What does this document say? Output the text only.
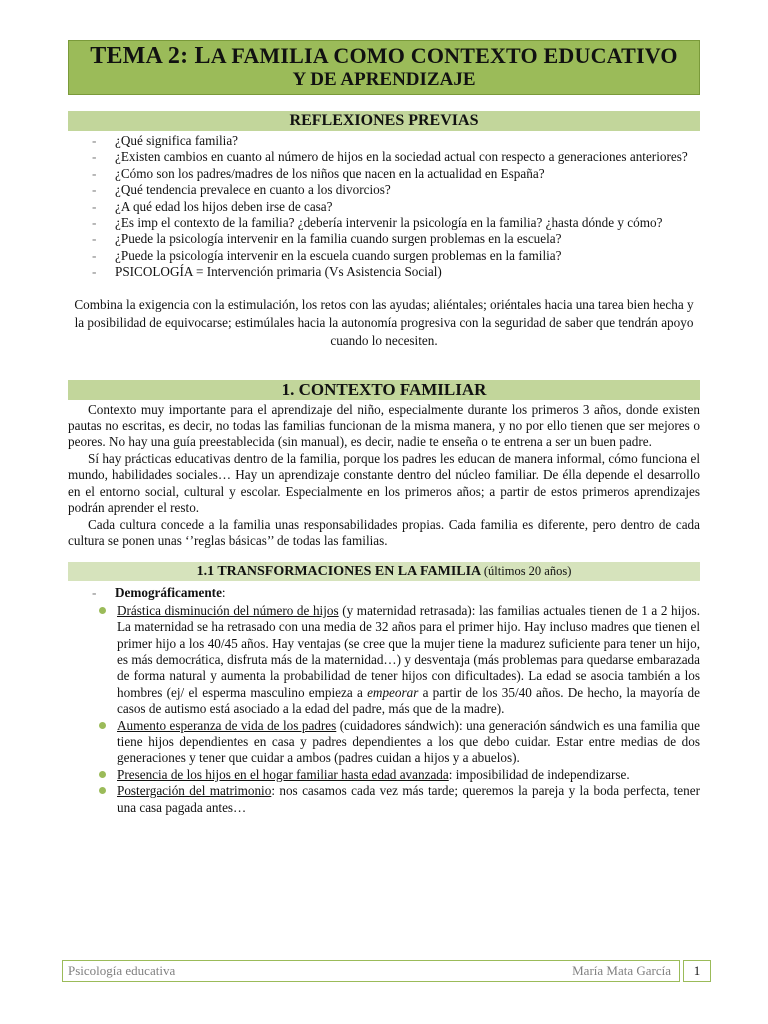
TEMA 2: LA FAMILIA COMO CONTEXTO EDUCATIVO
Y DE APRENDIZAJE
REFLEXIONES PREVIAS
- ¿Qué significa familia?
- ¿Existen cambios en cuanto al número de hijos en la sociedad actual con respecto a generaciones anteriores?
- ¿Cómo son los padres/madres de los niños que nacen en la actualidad en España?
- ¿Qué tendencia prevalece en cuanto a los divorcios?
- ¿A qué edad los hijos deben irse de casa?
- ¿Es imp el contexto de la familia? ¿debería intervenir la psicología en la familia? ¿hasta dónde y cómo?
- ¿Puede la psicología intervenir en la familia cuando surgen problemas en la escuela?
- ¿Puede la psicología intervenir en la escuela cuando surgen problemas en la familia?
- PSICOLOGÍA = Intervención primaria (Vs Asistencia Social)
Combina la exigencia con la estimulación, los retos con las ayudas; aliéntales; oriéntales hacia una tarea bien hecha y la posibilidad de equivocarse; estimúlales hacia la autonomía progresiva con la seguridad de saber que tendrán apoyo cuando lo necesiten.
1. CONTEXTO FAMILIAR

Contexto muy importante para el aprendizaje del niño, especialmente durante los primeros 3 años, donde existen pautas no escritas, es decir, no todas las familias funcionan de la misma manera, y no por ello tienen que ser mejores o peores. No hay una guía preestablecida (sin manual), es decir, nadie te enseña o te entrena a ser un buen padre.

Sí hay prácticas educativas dentro de la familia, porque los padres les educan de manera informal, cómo funciona el mundo, habilidades sociales… Hay un aprendizaje constante dentro del núcleo familiar. De élla depende el desarrollo en el entorno social, cultural y escolar. Especialmente en los primeros años; a partir de estos primeros aprendizajes podrán aprender el resto.

Cada cultura concede a la familia unas responsabilidades propias. Cada familia es diferente, pero dentro de cada cultura se ponen unas ‘’reglas básicas’’ de todas las familias.

1.1 TRANSFORMACIONES EN LA FAMILIA (últimos 20 años)
- Demográficamente:
Drástica disminución del número de hijos (y maternidad retrasada): las familias actuales tienen de 1 a 2 hijos. La maternidad se ha retrasado con una media de 32 años para el primer hijo. Hay incluso madres que tienen el primer hijo a los 40/45 años. Hay ventajas (se cree que la mujer tiene la madurez suficiente para tener un hijo, es más democrática, disfruta más de la maternidad…) y desventaja (más problemas para quedarse embarazada de forma natural y aumenta la probabilidad de tener hijos con dificultades). La edad se asocia también a los hombres (ej/ el esperma masculino empieza a empeorar a partir de los 35/40 años. De hecho, la mayoría de casos de autismo está asociado a la edad del padre, más que de la madre).
Aumento esperanza de vida de los padres (cuidadores sándwich): una generación sándwich es una familia que tiene hijos dependientes en casa y padres dependientes a los que debo cuidar. Estar entre medias de dos generaciones y tener que cuidar a ambos (padres cuidan a hijos y a abuelos).
Presencia de los hijos en el hogar familiar hasta edad avanzada: imposibilidad de independizarse.
Postergación del matrimonio: nos casamos cada vez más tarde; queremos la pareja y la boda perfecta, tener una casa pagada antes…
Psicología educativa	María Mata García	1
